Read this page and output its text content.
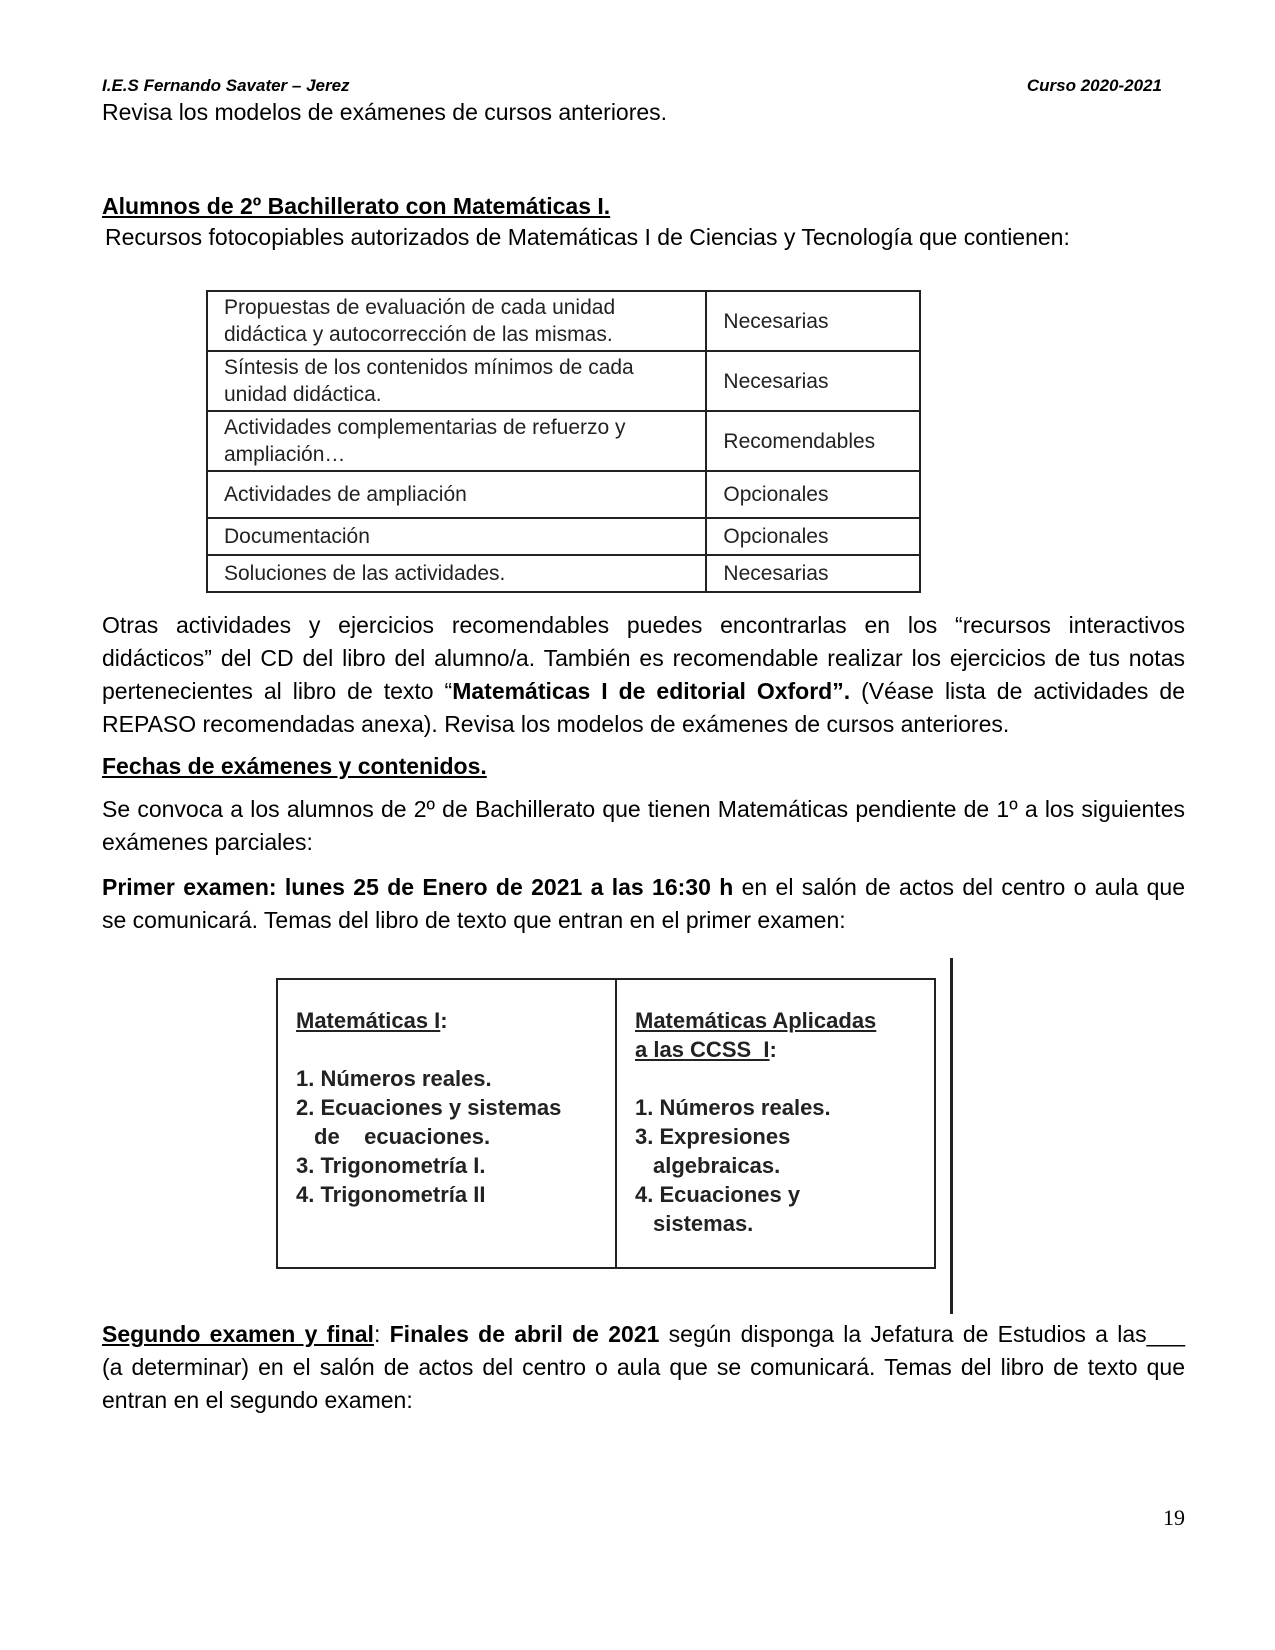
I.E.S Fernando Savater – Jerez	Curso 2020-2021
Revisa los modelos de exámenes de cursos anteriores.
Alumnos de 2º Bachillerato con Matemáticas I.
Recursos fotocopiables autorizados de Matemáticas I de Ciencias y Tecnología que contienen:
Propuestas de evaluación de cada unidad didáctica y autocorrección de las mismas.	Necesarias
Síntesis de los contenidos mínimos de cada unidad didáctica.	Necesarias
Actividades complementarias de refuerzo y ampliación…	Recomendables
Actividades de ampliación	Opcionales
Documentación	Opcionales
Soluciones de las actividades.	Necesarias
Otras actividades y ejercicios recomendables puedes encontrarlas en los “recursos interactivos
didácticos” del CD del libro del alumno/a. También es recomendable realizar los ejercicios de tus notas
pertenecientes al libro de texto “Matemáticas I de editorial Oxford”. (Véase lista de actividades de
REPASO recomendadas anexa). Revisa los modelos de exámenes de cursos anteriores.
Fechas de exámenes y contenidos.
Se convoca a los alumnos de 2º de Bachillerato que tienen Matemáticas pendiente de 1º a los siguientes
exámenes parciales:
Primer examen: lunes 25 de Enero de 2021 a las 16:30 h en el salón de actos del centro o aula que
se comunicará. Temas del libro de texto que entran en el primer examen:
Matemáticas I:
1. Números reales.
2. Ecuaciones y sistemas
de    ecuaciones.
3. Trigonometría I.
4. Trigonometría II
Matemáticas Aplicadas
a las CCSS  I:
1. Números reales.
3. Expresiones
algebraicas.
4. Ecuaciones y
sistemas.
Segundo examen y final: Finales de abril de 2021 según disponga la Jefatura de Estudios a las___
(a determinar) en el salón de actos del centro o aula que se comunicará. Temas del libro de texto que
entran en el segundo examen:
19
